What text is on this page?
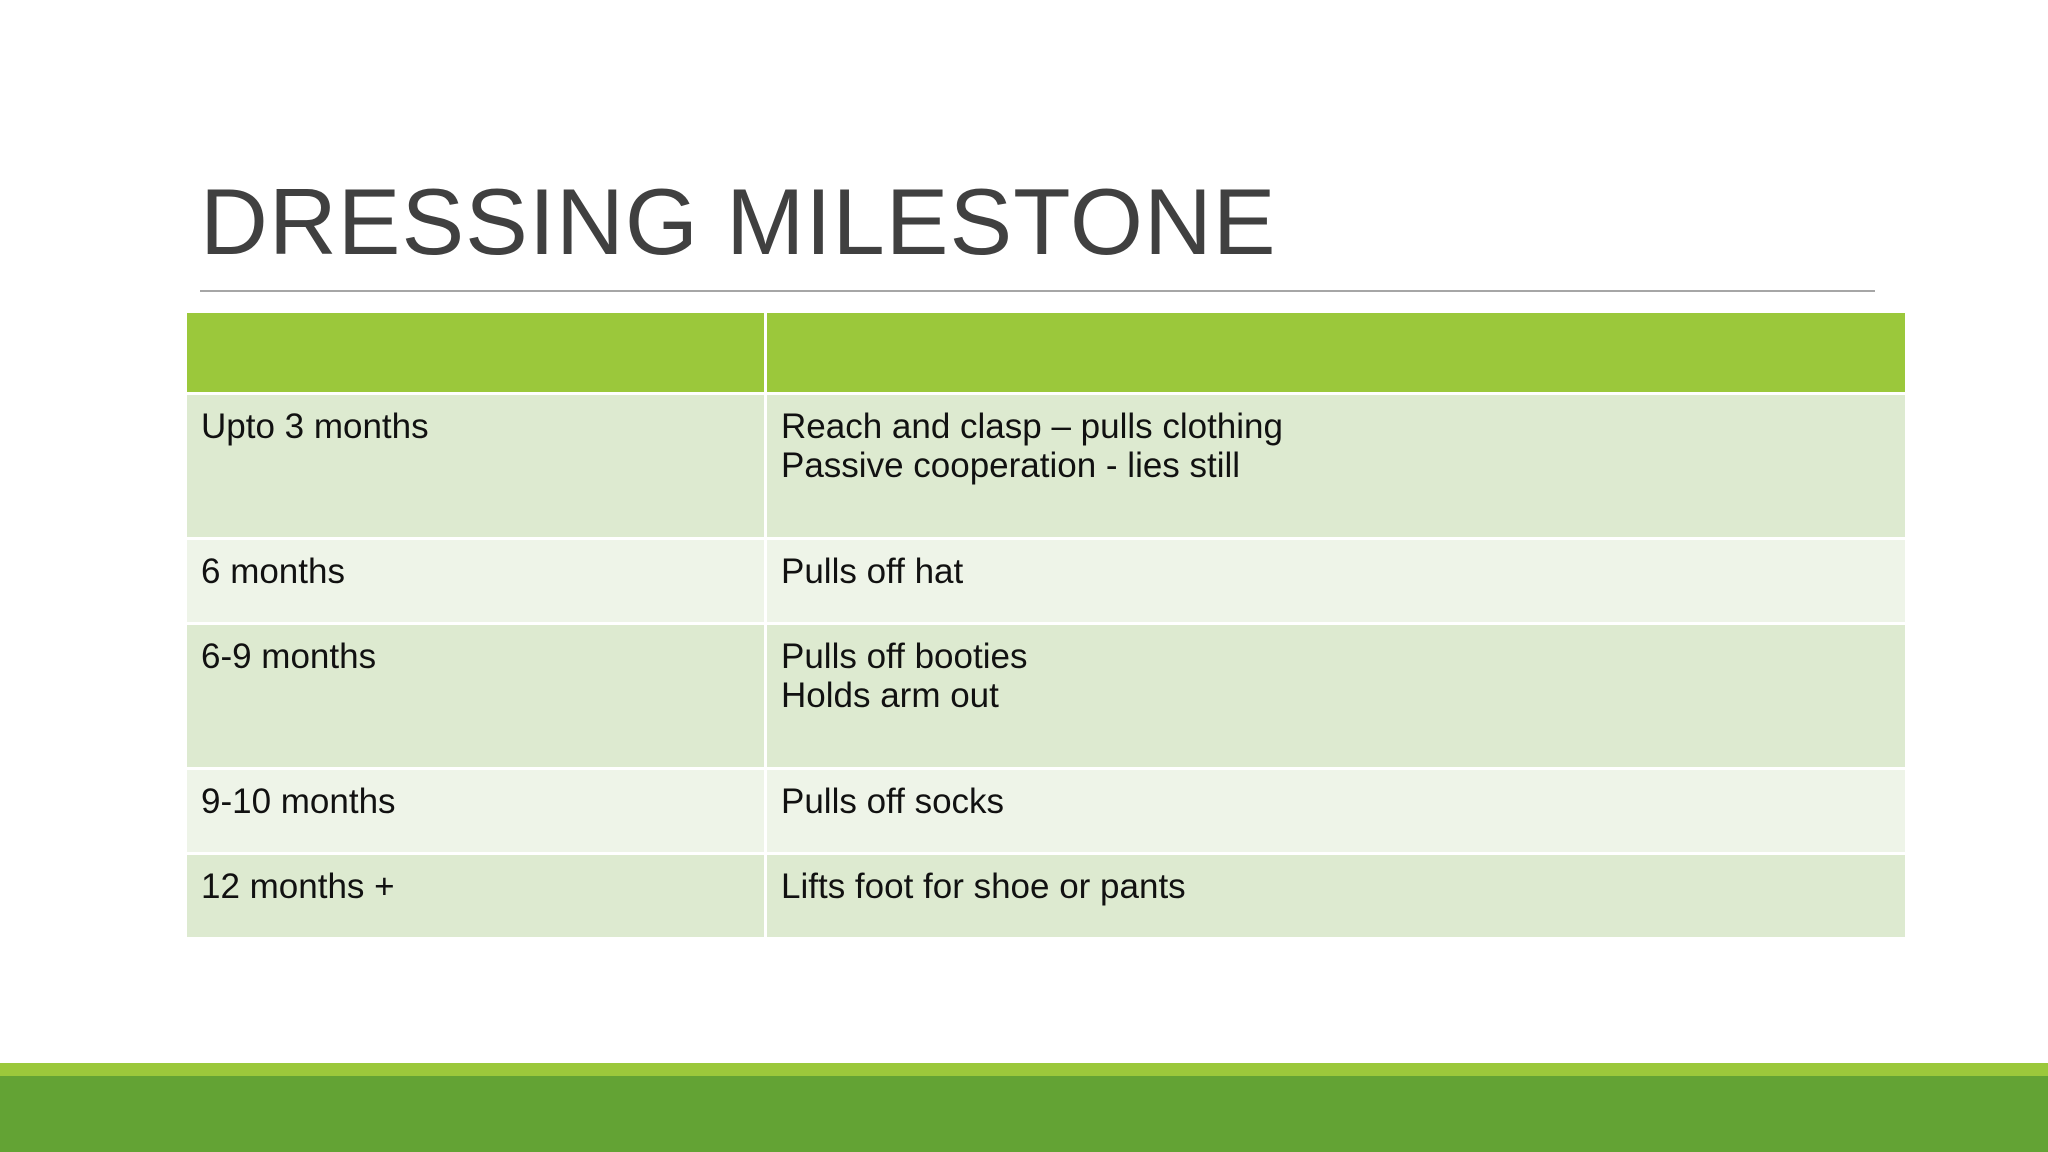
DRESSING MILESTONE

Upto 3 months	Reach and clasp – pulls clothing
Passive cooperation - lies still

6 months	Pulls off hat

6-9 months	Pulls off booties
Holds arm out

9-10 months	Pulls off socks

12 months +	Lifts foot for shoe or pants
